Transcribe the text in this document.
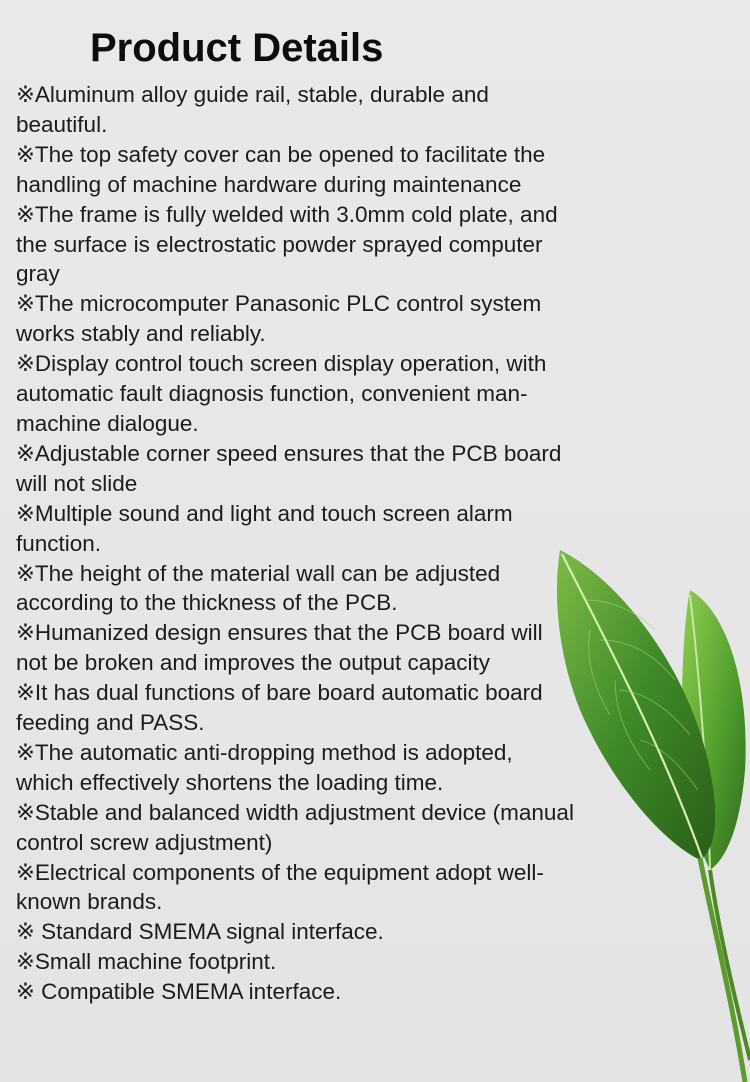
Product Details
※Aluminum alloy guide rail, stable, durable and beautiful.
※The top safety cover can be opened to facilitate the handling of machine hardware during maintenance
※The frame is fully welded with 3.0mm cold plate, and the surface is electrostatic powder sprayed computer gray
※The microcomputer Panasonic PLC control system works stably and reliably.
※Display control touch screen display operation, with automatic fault diagnosis function, convenient man-machine dialogue.
※Adjustable corner speed ensures that the PCB board will not slide
※Multiple sound and light and touch screen alarm function.
※The height of the material wall can be adjusted according to the thickness of the PCB.
※Humanized design ensures that the PCB board will not be broken and improves the output capacity
※It has dual functions of bare board automatic board feeding and PASS.
※The automatic anti-dropping method is adopted, which effectively shortens the loading time.
※Stable and balanced width adjustment device (manual control screw adjustment)
※Electrical components of the equipment adopt well-known brands.
※ Standard SMEMA signal interface.
※Small machine footprint.
※ Compatible SMEMA interface.
